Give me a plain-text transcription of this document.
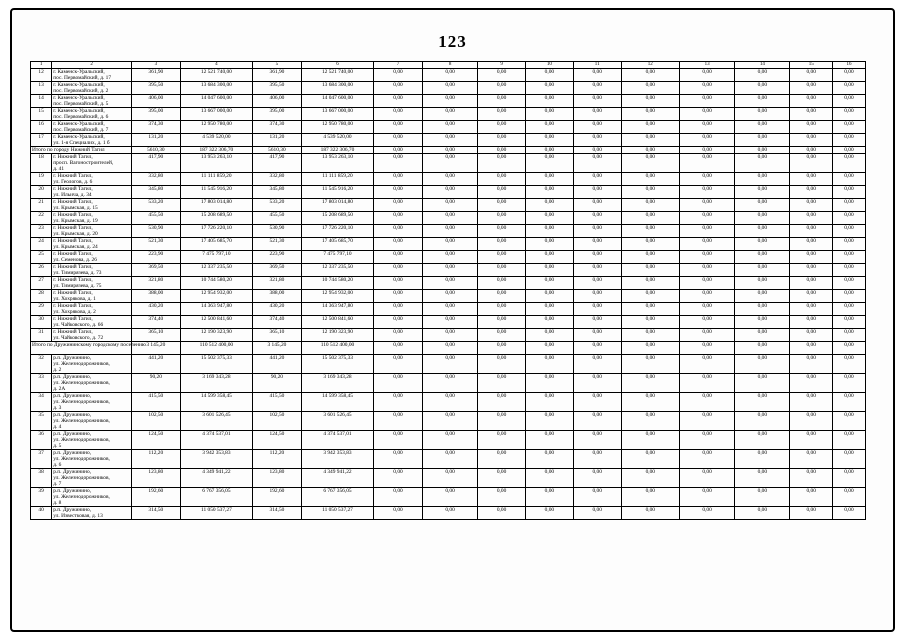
123
1	2	3	4	5	6	7	8	9	10	11	12	13	14	15	16
12	г. Каменск-Уральский,
пос. Первомайский, д. 17	361,90	12 521 740,00	361,90	12 521 740,00	0,00	0,00	0,00	0,00	0,00	0,00	0,00	0,00	0,00	0,00
13	г. Каменск-Уральский,
пос. Первомайский, д. 2	395,50	13 684 300,00	395,50	13 684 300,00	0,00	0,00	0,00	0,00	0,00	0,00	0,00	0,00	0,00	0,00
14	г. Каменск-Уральский,
пос. Первомайский, д. 5	406,00	14 047 600,00	406,00	14 047 600,00	0,00	0,00	0,00	0,00	0,00	0,00	0,00	0,00	0,00	0,00
15	г. Каменск-Уральский,
пос. Первомайский, д. 6	395,00	13 667 000,00	395,00	13 667 000,00	0,00	0,00	0,00	0,00	0,00	0,00	0,00	0,00	0,00	0,00
16	г. Каменск-Уральский,
пос. Первомайский, д. 7	374,30	12 950 780,00	374,30	12 950 780,00	0,00	0,00	0,00	0,00	0,00	0,00	0,00	0,00	0,00	0,00
17	г. Каменск-Уральский,
ул. 1-я Специалих, д. 1 б	131,20	4 539 520,00	131,20	4 539 520,00	0,00	0,00	0,00	0,00	0,00	0,00	0,00	0,00	0,00	0,00
Итого по городу Нижний Тагил		5610,30	187 322 306,70	5610,30	187 322 306,70	0,00	0,00	0,00	0,00	0,00	0,00	0,00	0,00	0,00	0,00
18	г. Нижний Тагил,
просп. Вагоностроителей,
д. 41	417,90	13 953 263,10	417,90	13 953 263,10	0,00	0,00	0,00	0,00	0,00	0,00	0,00	0,00	0,00	0,00
19	г. Нижний Тагил,
ул. Геологов, д. 6	332,80	11 111 859,20	332,80	11 111 859,20	0,00	0,00	0,00	0,00	0,00	0,00	0,00	0,00	0,00	0,00
20	г. Нижний Тагил,
ул. Ильича, д. 34	345,80	11 545 916,20	345,80	11 545 916,20	0,00	0,00	0,00	0,00	0,00	0,00	0,00	0,00	0,00	0,00
21	г. Нижний Тагил,
ул. Крымская, д. 15	533,20	17 803 014,80	533,20	17 803 014,80	0,00	0,00	0,00	0,00	0,00	0,00	0,00	0,00	0,00	0,00
22	г. Нижний Тагил,
ул. Крымская, д. 19	455,50	15 208 689,50	455,50	15 208 689,50	0,00	0,00	0,00	0,00	0,00	0,00	0,00	0,00	0,00	0,00
23	г. Нижний Тагил,
ул. Крымская, д. 20	530,90	17 726 220,10	530,90	17 726 220,10	0,00	0,00	0,00	0,00	0,00	0,00	0,00	0,00	0,00	0,00
24	г. Нижний Тагил,
ул. Крымская, д. 24	521,30	17 405 685,70	521,30	17 405 685,70	0,00	0,00	0,00	0,00	0,00	0,00	0,00	0,00	0,00	0,00
25	г. Нижний Тагил,
ул. Семенова, д. 26	223,90	7 475 797,10	223,90	7 475 797,10	0,00	0,00	0,00	0,00	0,00	0,00	0,00	0,00	0,00	0,00
26	г. Нижний Тагил,
ул. Тимирязева, д. 73	369,50	12 337 235,50	369,50	12 337 235,50	0,00	0,00	0,00	0,00	0,00	0,00	0,00	0,00	0,00	0,00
27	г. Нижний Тагил,
ул. Тимирязева, д. 75	321,80	10 744 580,20	321,80	10 744 580,20	0,00	0,00	0,00	0,00	0,00	0,00	0,00	0,00	0,00	0,00
28	г. Нижний Тагил,
ул. Хохрякова, д. 1	388,00	12 954 932,00	388,00	12 954 932,00	0,00	0,00	0,00	0,00	0,00	0,00	0,00	0,00	0,00	0,00
29	г. Нижний Тагил,
ул. Хохрякова, д. 2	430,20	14 363 947,80	430,20	14 363 947,80	0,00	0,00	0,00	0,00	0,00	0,00	0,00	0,00	0,00	0,00
30	г. Нижний Тагил,
ул. Чайковского, д. 66	374,40	12 500 841,60	374,40	12 500 841,60	0,00	0,00	0,00	0,00	0,00	0,00	0,00	0,00	0,00	0,00
31	г. Нижний Тагил,
ул. Чайковского, д. 72	365,10	12 190 323,90	365,10	12 190 323,90	0,00	0,00	0,00	0,00	0,00	0,00	0,00	0,00	0,00	0,00
Итого по Дружининскому городскому поселению		3 145,20	110 512 400,00	3 145,20	110 512 400,00	0,00	0,00	0,00	0,00	0,00	0,00	0,00	0,00	0,00	0,00
32	р.п. Дружинино,
ул. Железнодорожников,
д. 2	441,20	15 502 375,33	441,20	15 502 375,33	0,00	0,00	0,00	0,00	0,00	0,00	0,00	0,00	0,00	0,00
33	р.п. Дружинино,
ул. Железнодорожников,
д. 2А	90,20	3 169 343,28	90,20	3 169 343,28	0,00	0,00	0,00	0,00	0,00	0,00	0,00	0,00	0,00	0,00
34	р.п. Дружинино,
ул. Железнодорожников,
д. 3	415,50	14 599 358,45	415,50	14 599 358,45	0,00	0,00	0,00	0,00	0,00	0,00	0,00	0,00	0,00	0,00
35	р.п. Дружинино,
ул. Железнодорожников,
д. 4	102,50	3 601 526,45	102,50	3 601 526,45	0,00	0,00	0,00	0,00	0,00	0,00	0,00	0,00	0,00	0,00
36	р.п. Дружинино,
ул. Железнодорожников,
д. 5	124,50	4 374 537,01	124,50	4 374 537,01	0,00	0,00	0,00	0,00	0,00	0,00	0,00	0,00	0,00	0,00
37	р.п. Дружинино,
ул. Железнодорожников,
д. 6	112,20	3 942 353,83	112,20	3 942 353,83	0,00	0,00	0,00	0,00	0,00	0,00	0,00	0,00	0,00	0,00
38	р.п. Дружинино,
ул. Железнодорожников,
д. 7	123,80	4 349 941,22	123,80	4 349 941,22	0,00	0,00	0,00	0,00	0,00	0,00	0,00	0,00	0,00	0,00
39	р.п. Дружинино,
ул. Железнодорожников,
д. 8	192,60	6 767 356,05	192,60	6 767 356,05	0,00	0,00	0,00	0,00	0,00	0,00	0,00	0,00	0,00	0,00
40	р.п. Дружинино,
ул. Известковая, д. 13	314,50	11 050 537,27	314,50	11 050 537,27	0,00	0,00	0,00	0,00	0,00	0,00	0,00	0,00	0,00	0,00
